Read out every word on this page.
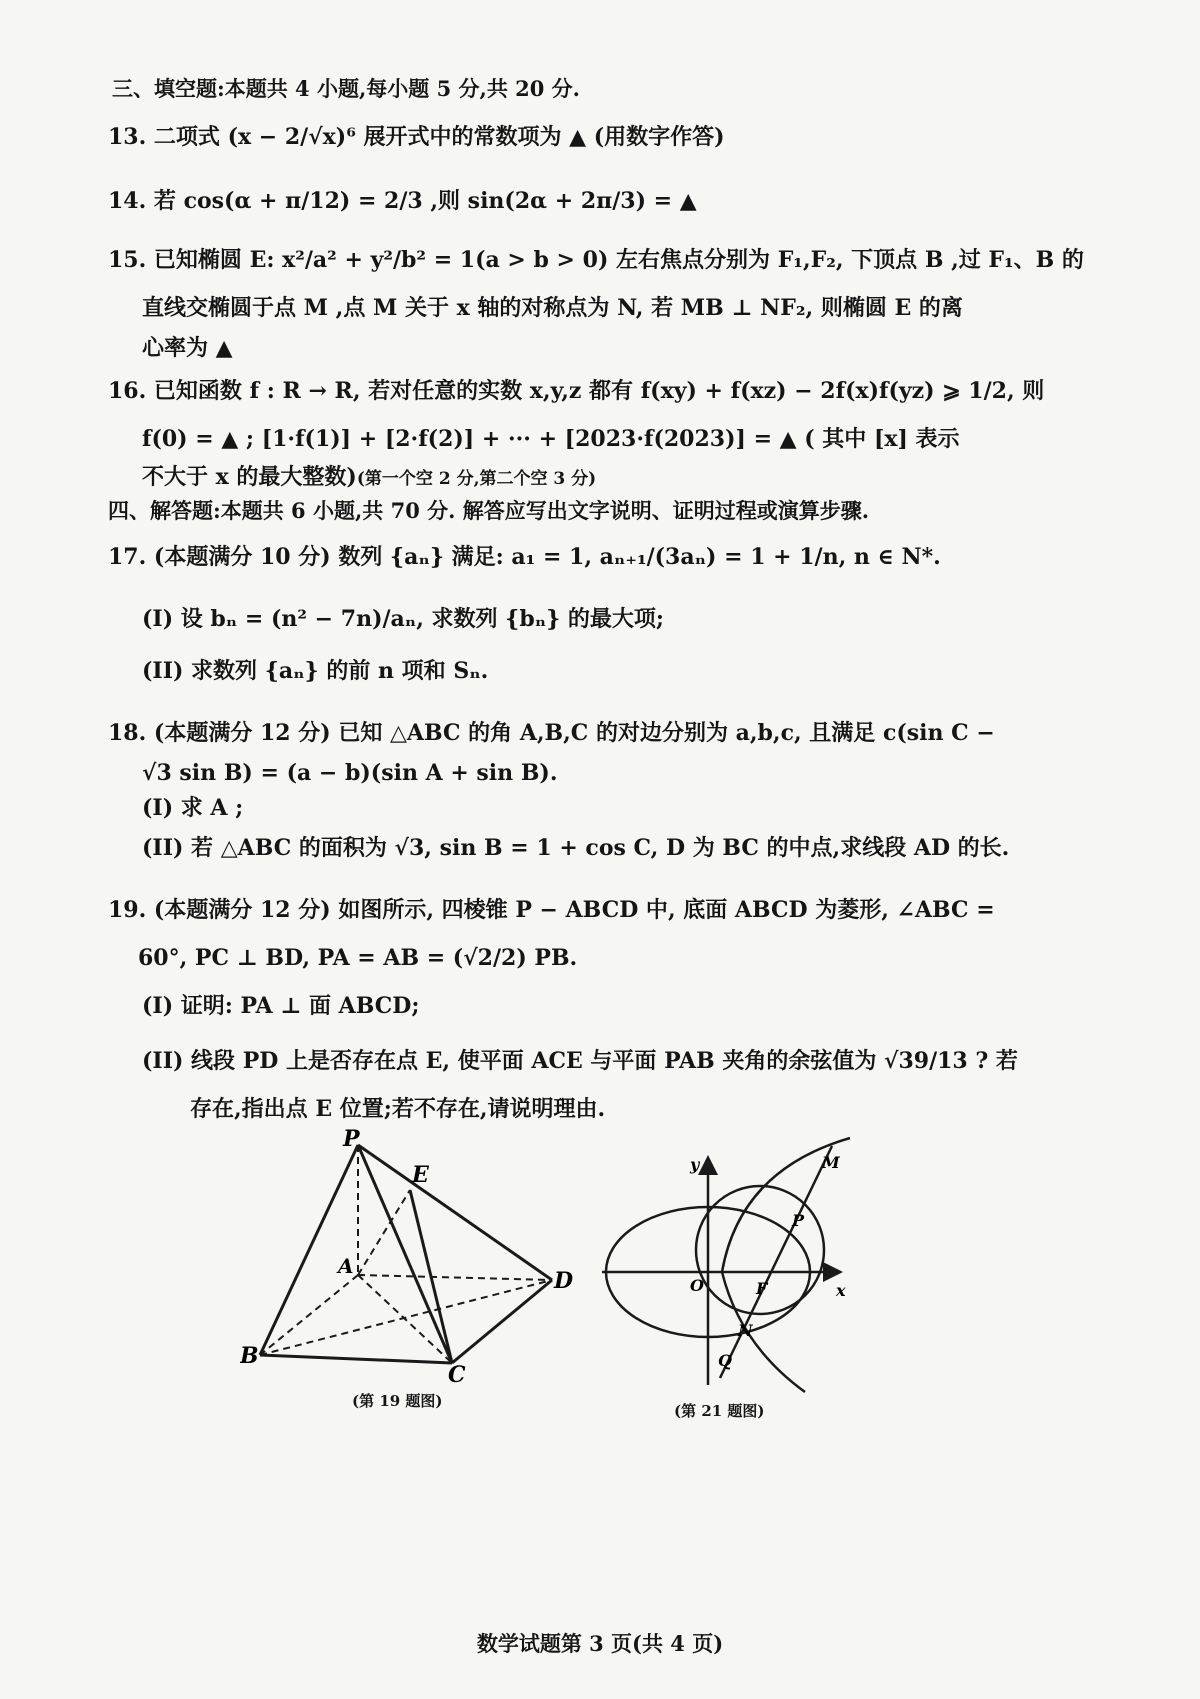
三、填空题:本题共 4 小题,每小题 5 分,共 20 分.
13. 二项式 (x − 2/√x)⁶ 展开式中的常数项为 ▲ (用数字作答)
14. 若 cos(α + π/12) = 2/3 ,则 sin(2α + 2π/3) = ▲
15. 已知椭圆 E: x²/a² + y²/b² = 1(a > b > 0) 左右焦点分别为 F₁,F₂, 下顶点 B ,过 F₁、B 的
直线交椭圆于点 M ,点 M 关于 x 轴的对称点为 N, 若 MB ⊥ NF₂, 则椭圆 E 的离
心率为 ▲
16. 已知函数 f : R → R, 若对任意的实数 x,y,z 都有 f(xy) + f(xz) − 2f(x)f(yz) ⩾ 1/2, 则
f(0) = ▲ ; [1·f(1)] + [2·f(2)] + ··· + [2023·f(2023)] = ▲ ( 其中 [x] 表示
不大于 x 的最大整数)(第一个空 2 分,第二个空 3 分)
四、解答题:本题共 6 小题,共 70 分. 解答应写出文字说明、证明过程或演算步骤.
17. (本题满分 10 分) 数列 {aₙ} 满足: a₁ = 1, aₙ₊₁/(3aₙ) = 1 + 1/n, n ∈ N*.
(I) 设 bₙ = (n² − 7n)/aₙ, 求数列 {bₙ} 的最大项;
(II) 求数列 {aₙ} 的前 n 项和 Sₙ.
18. (本题满分 12 分) 已知 △ABC 的角 A,B,C 的对边分别为 a,b,c, 且满足 c(sin C −
√3 sin B) = (a − b)(sin A + sin B).
(I) 求 A ;
(II) 若 △ABC 的面积为 √3, sin B = 1 + cos C, D 为 BC 的中点,求线段 AD 的长.
19. (本题满分 12 分) 如图所示, 四棱锥 P − ABCD 中, 底面 ABCD 为菱形, ∠ABC =
60°, PC ⊥ BD, PA = AB = (√2/2) PB.
(I) 证明: PA ⊥ 面 ABCD;
(II) 线段 PD 上是否存在点 E, 使平面 ACE 与平面 PAB 夹角的余弦值为 √39/13 ? 若
存在,指出点 E 位置;若不存在,请说明理由.
P
E
A
D
B
C
(第 19 题图)
y
x
O	F
M
P
N
Q
(第 21 题图)
数学试题第 3 页(共 4 页)
